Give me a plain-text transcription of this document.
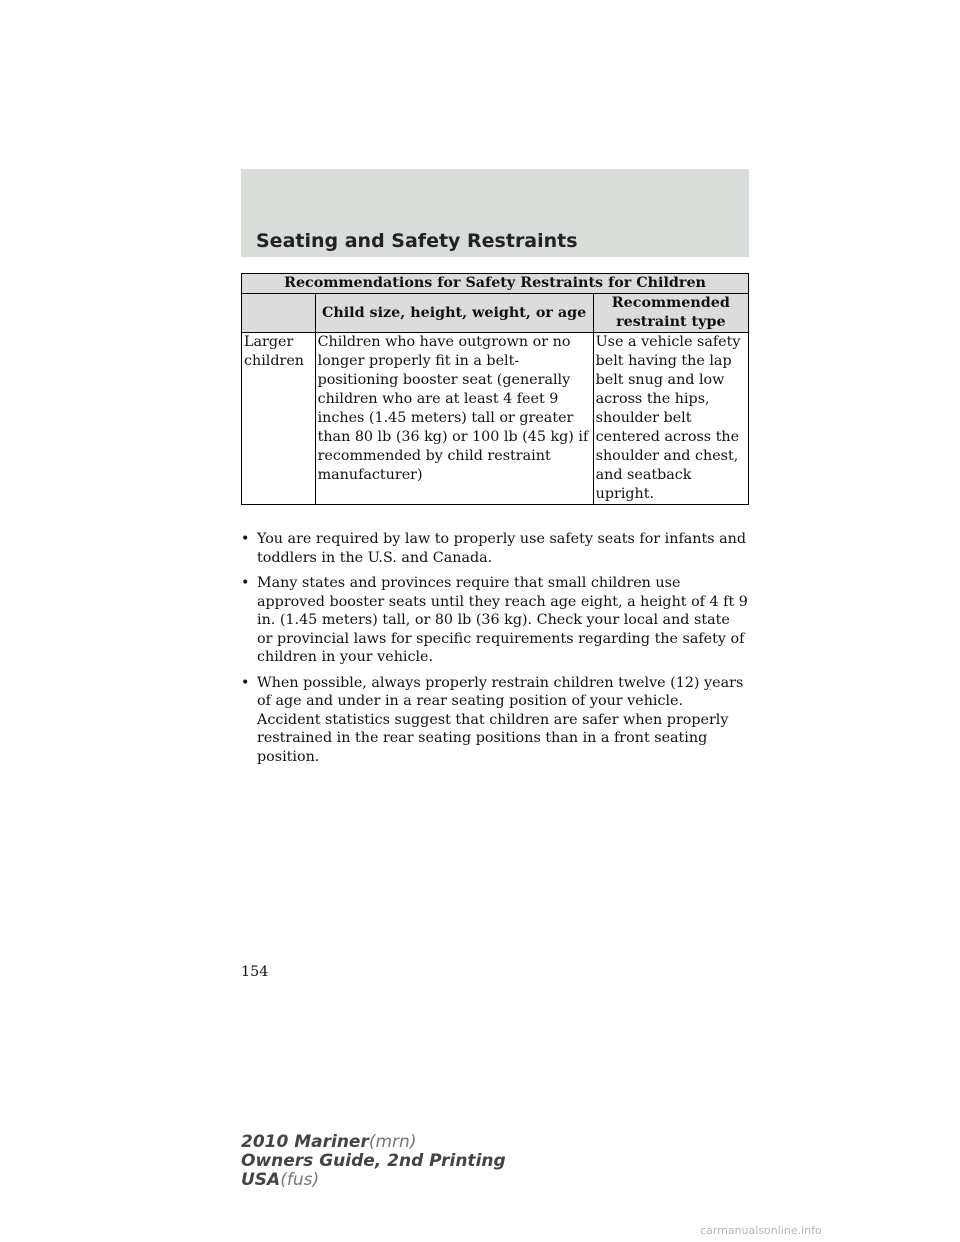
Seating and Safety Restraints
Recommendations for Safety Restraints for Children		
	Child size, height, weight, or age	Recommended restraint type
Larger children	Children who have outgrown or no longer properly fit in a belt-positioning booster seat (generally children who are at least 4 feet 9 inches (1.45 meters) tall or greater than 80 lb (36 kg) or 100 lb (45 kg) if recommended by child restraint manufacturer)	Use a vehicle safety belt having the lap belt snug and low across the hips, shoulder belt centered across the shoulder and chest, and seatback upright.
• You are required by law to properly use safety seats for infants and toddlers in the U.S. and Canada.
• Many states and provinces require that small children use approved booster seats until they reach age eight, a height of 4 ft 9 in. (1.45 meters) tall, or 80 lb (36 kg). Check your local and state or provincial laws for specific requirements regarding the safety of children in your vehicle.
• When possible, always properly restrain children twelve (12) years of age and under in a rear seating position of your vehicle. Accident statistics suggest that children are safer when properly restrained in the rear seating positions than in a front seating position.
154
2010 Mariner(mrn)
Owners Guide, 2nd Printing
USA(fus)
carmanualsonline.info
